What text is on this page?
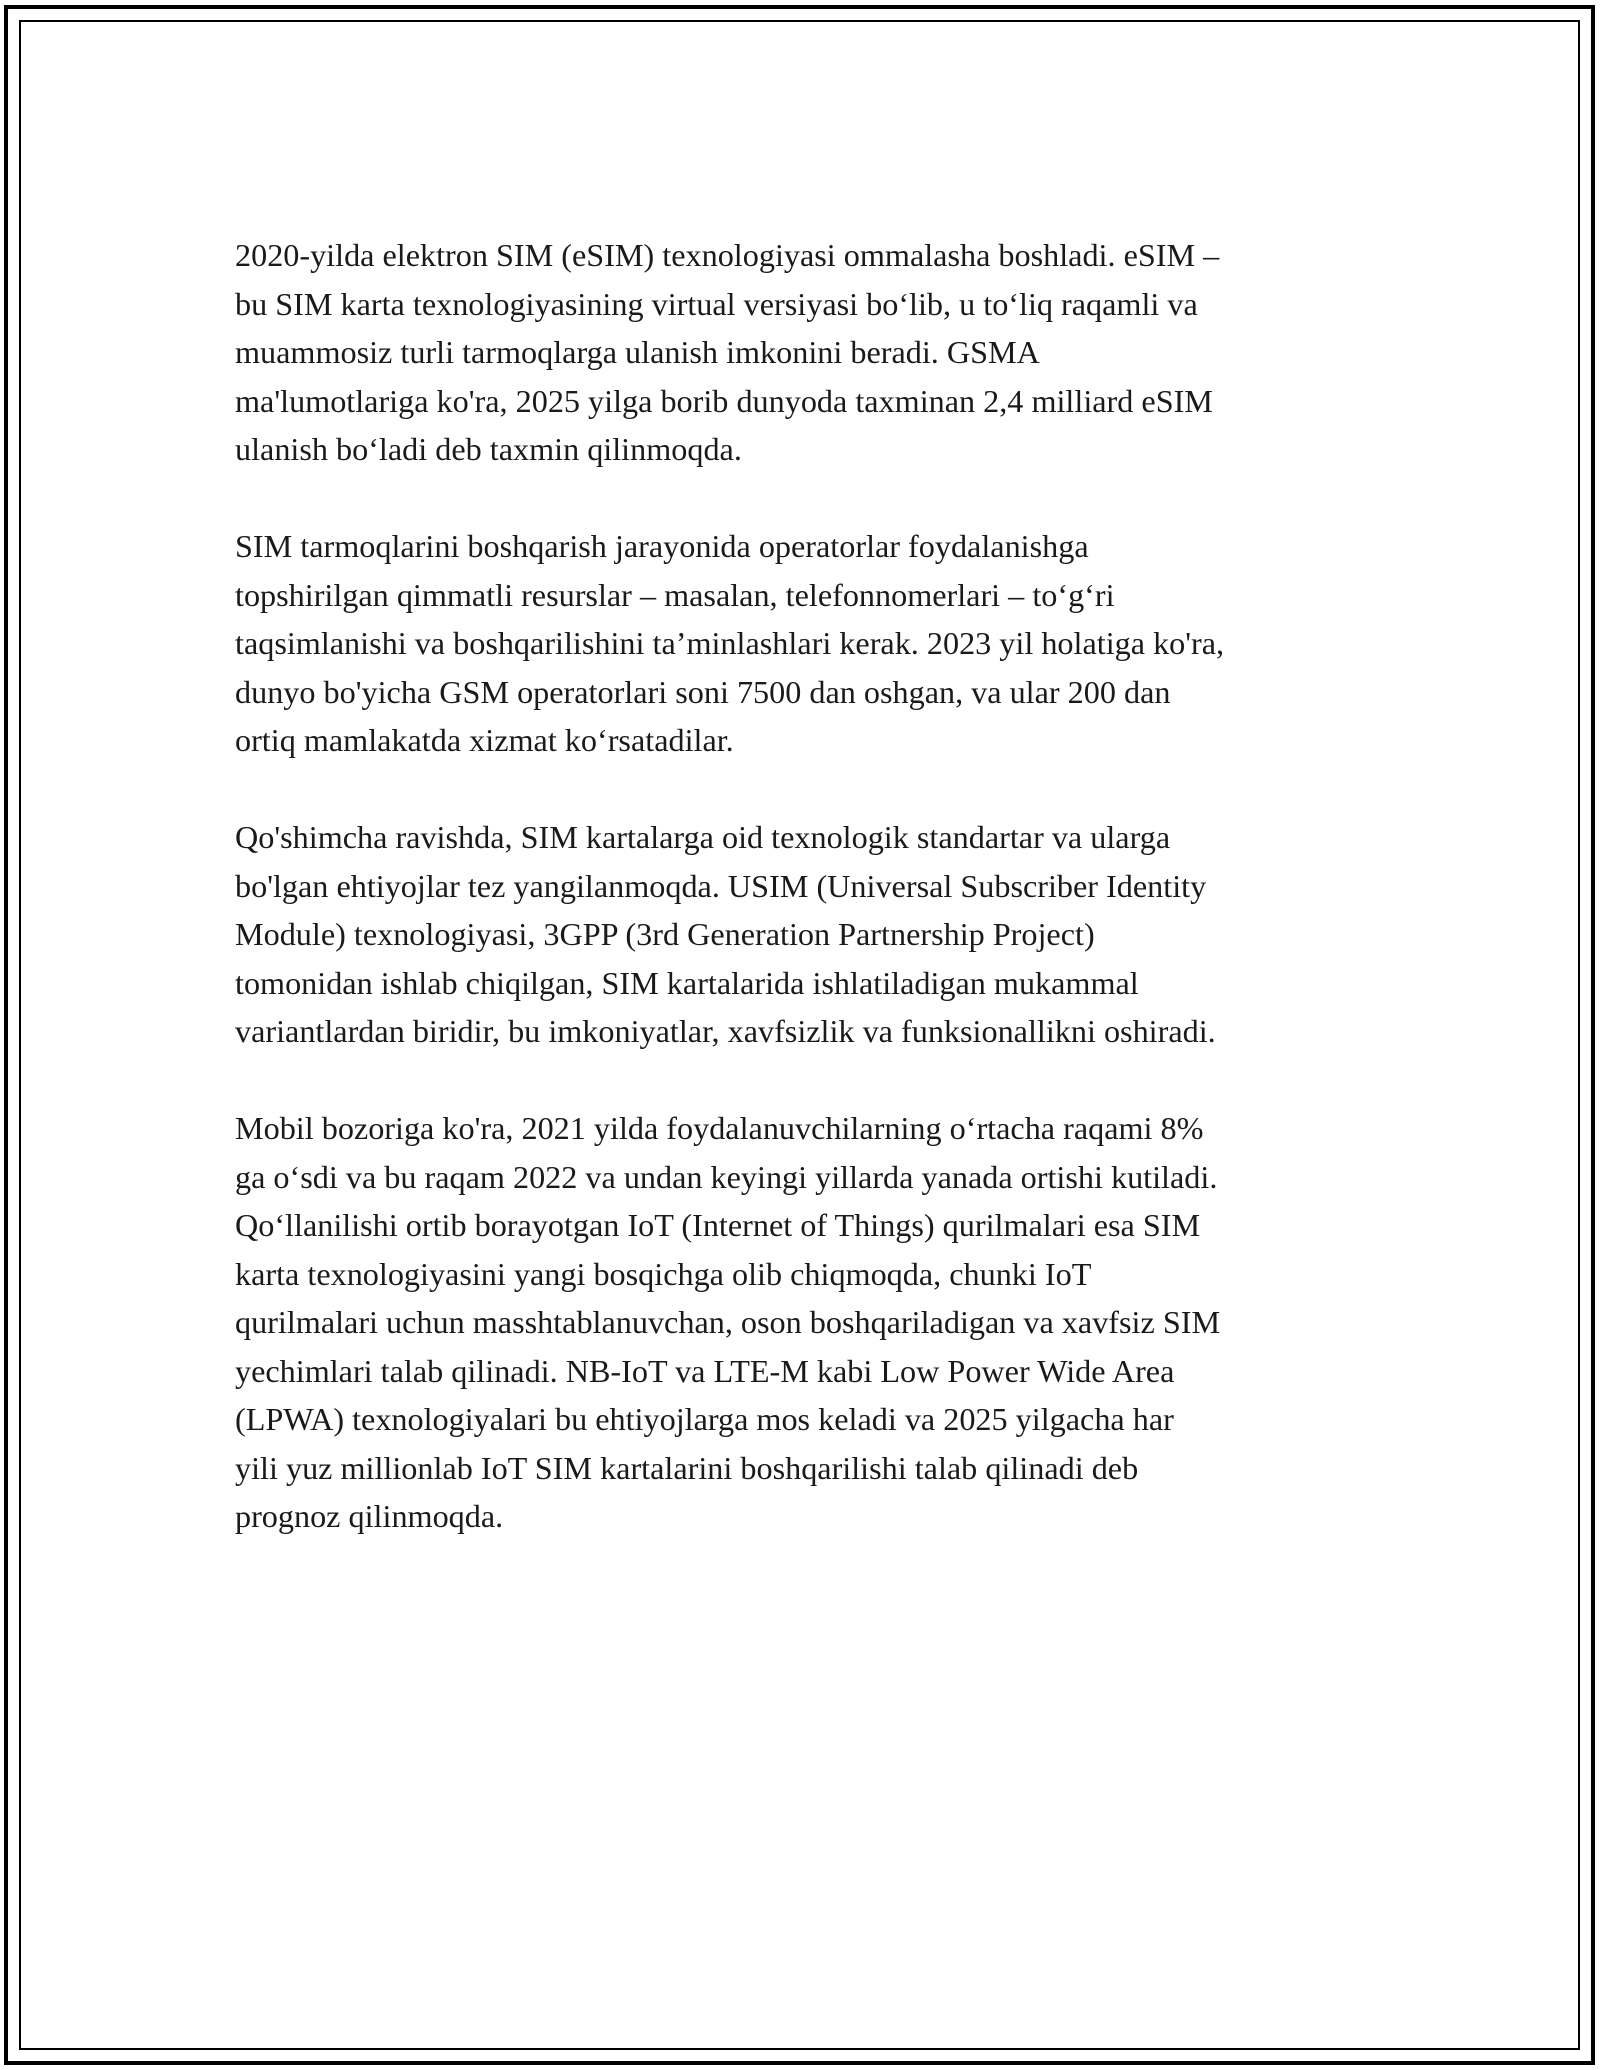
2020-yilda elektron SIM (eSIM) texnologiyasi ommalasha boshladi. eSIM –
bu SIM karta texnologiyasining virtual versiyasi bo‘lib, u to‘liq raqamli va
muammosiz turli tarmoqlarga ulanish imkonini beradi. GSMA
ma'lumotlariga ko'ra, 2025 yilga borib dunyoda taxminan 2,4 milliard eSIM
ulanish bo‘ladi deb taxmin qilinmoqda.

SIM tarmoqlarini boshqarish jarayonida operatorlar foydalanishga
topshirilgan qimmatli resurslar – masalan, telefonnomerlari – to‘g‘ri
taqsimlanishi va boshqarilishini ta’minlashlari kerak. 2023 yil holatiga ko'ra,
dunyo bo'yicha GSM operatorlari soni 7500 dan oshgan, va ular 200 dan
ortiq mamlakatda xizmat ko‘rsatadilar.

Qo'shimcha ravishda, SIM kartalarga oid texnologik standartar va ularga
bo'lgan ehtiyojlar tez yangilanmoqda. USIM (Universal Subscriber Identity
Module) texnologiyasi, 3GPP (3rd Generation Partnership Project)
tomonidan ishlab chiqilgan, SIM kartalarida ishlatiladigan mukammal
variantlardan biridir, bu imkoniyatlar, xavfsizlik va funksionallikni oshiradi.

Mobil bozoriga ko'ra, 2021 yilda foydalanuvchilarning o‘rtacha raqami 8%
ga o‘sdi va bu raqam 2022 va undan keyingi yillarda yanada ortishi kutiladi.
Qo‘llanilishi ortib borayotgan IoT (Internet of Things) qurilmalari esa SIM
karta texnologiyasini yangi bosqichga olib chiqmoqda, chunki IoT
qurilmalari uchun masshtablanuvchan, oson boshqariladigan va xavfsiz SIM
yechimlari talab qilinadi. NB-IoT va LTE-M kabi Low Power Wide Area
(LPWA) texnologiyalari bu ehtiyojlarga mos keladi va 2025 yilgacha har
yili yuz millionlab IoT SIM kartalarini boshqarilishi talab qilinadi deb
prognoz qilinmoqda.
